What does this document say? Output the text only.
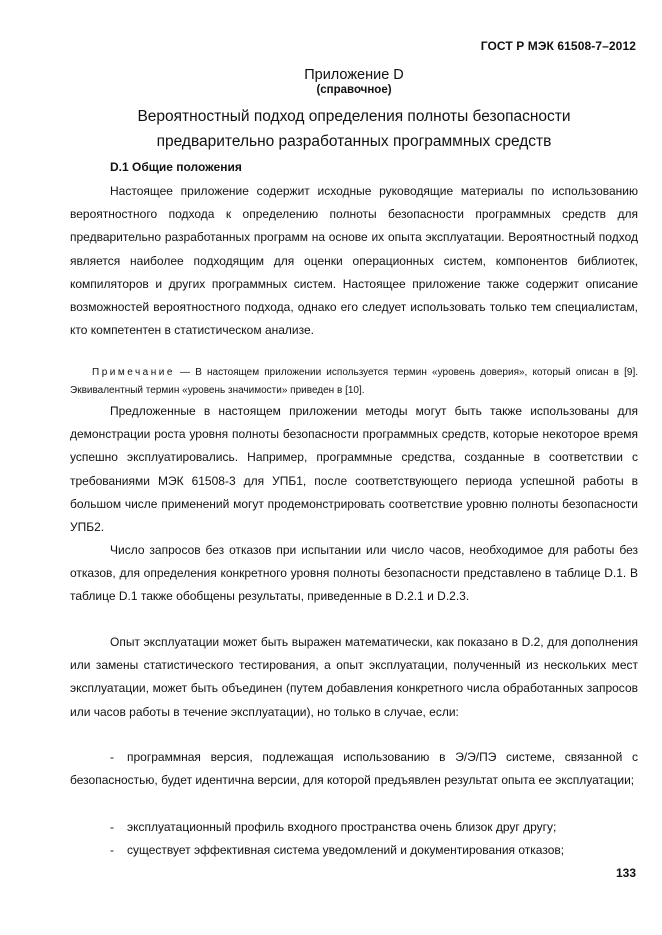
ГОСТ Р МЭК 61508-7–2012
Приложение D
(справочное)
Вероятностный подход определения полноты безопасности предварительно разработанных программных средств
D.1 Общие положения

Настоящее приложение содержит исходные руководящие материалы по использованию вероятностного подхода к определению полноты безопасности программных средств для предварительно разработанных программ на основе их опыта эксплуатации. Вероятностный подход является наиболее подходящим для оценки операционных систем, компонентов библиотек, компиляторов и других программных систем. Настоящее приложение также содержит описание возможностей вероятностного подхода, однако его следует использовать только тем специалистам, кто компетентен в статистическом анализе.

Примечание — В настоящем приложении используется термин «уровень доверия», который описан в [9]. Эквивалентный термин «уровень значимости» приведен в [10].

Предложенные в настоящем приложении методы могут быть также использованы для демонстрации роста уровня полноты безопасности программных средств, которые некоторое время успешно эксплуатировались. Например, программные средства, созданные в соответствии с требованиями МЭК 61508-3 для УПБ1, после соответствующего периода успешной работы в большом числе применений могут продемонстрировать соответствие уровню полноты безопасности УПБ2.

Число запросов без отказов при испытании или число часов, необходимое для работы без отказов, для определения конкретного уровня полноты безопасности представлено в таблице D.1. В таблице D.1 также обобщены результаты, приведенные в D.2.1 и D.2.3.

Опыт эксплуатации может быть выражен математически, как показано в D.2, для дополнения или замены статистического тестирования, а опыт эксплуатации, полученный из нескольких мест эксплуатации, может быть объединен (путем добавления конкретного числа обработанных запросов или часов работы в течение эксплуатации), но только в случае, если:

- программная версия, подлежащая использованию в Э/Э/ПЭ системе, связанной с безопасностью, будет идентична версии, для которой предъявлен результат опыта ее эксплуатации;

- эксплуатационный профиль входного пространства очень близок друг другу;

- существует эффективная система уведомлений и документирования отказов;

133
